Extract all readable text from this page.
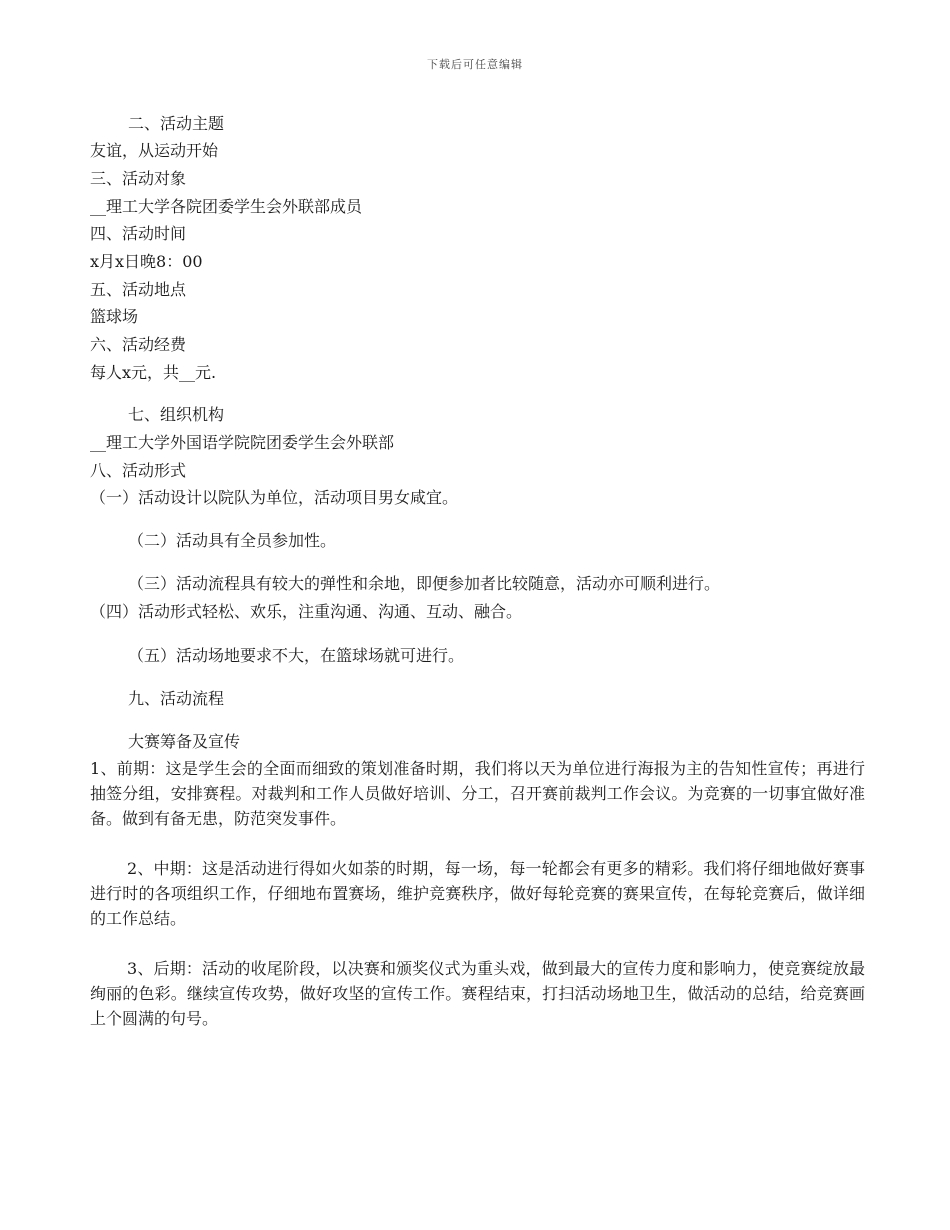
下载后可任意编辑
二、活动主题
友谊，从运动开始
三、活动对象
__理工大学各院团委学生会外联部成员
四、活动时间
x月x日晚8：00
五、活动地点
篮球场
六、活动经费
每人x元，共__元.
七、组织机构
__理工大学外国语学院院团委学生会外联部
八、活动形式
（一）活动设计以院队为单位，活动项目男女咸宜。
（二）活动具有全员参加性。
（三）活动流程具有较大的弹性和余地，即便参加者比较随意，活动亦可顺利进行。
（四）活动形式轻松、欢乐，注重沟通、沟通、互动、融合。
（五）活动场地要求不大，在篮球场就可进行。
九、活动流程
大赛筹备及宣传
1、前期：这是学生会的全面而细致的策划准备时期，我们将以天为单位进行海报为主的告知性宣传；再进行抽签分组，安排赛程。对裁判和工作人员做好培训、分工，召开赛前裁判工作会议。为竞赛的一切事宜做好准备。做到有备无患，防范突发事件。
2、中期：这是活动进行得如火如荼的时期，每一场，每一轮都会有更多的精彩。我们将仔细地做好赛事进行时的各项组织工作，仔细地布置赛场，维护竞赛秩序，做好每轮竞赛的赛果宣传，在每轮竞赛后，做详细的工作总结。
3、后期：活动的收尾阶段，以决赛和颁奖仪式为重头戏，做到最大的宣传力度和影响力，使竞赛绽放最绚丽的色彩。继续宣传攻势，做好攻坚的宣传工作。赛程结束，打扫活动场地卫生，做活动的总结，给竞赛画上个圆满的句号。
